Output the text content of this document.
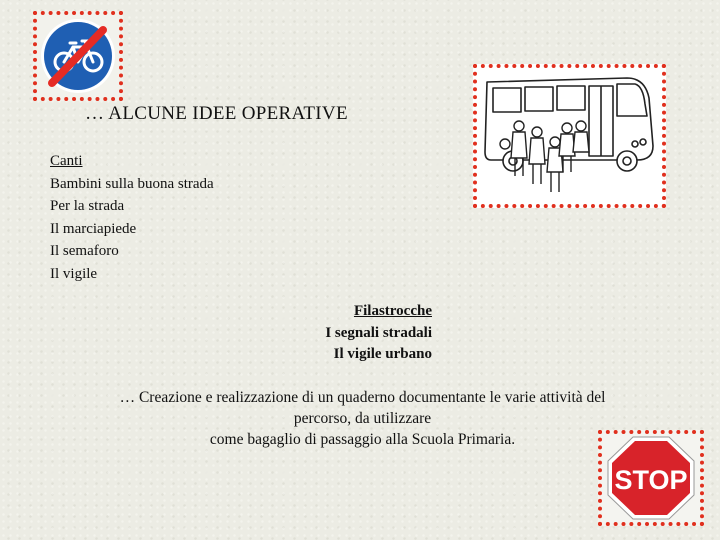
… ALCUNE IDEE OPERATIVE
Canti
Bambini sulla buona strada
Per la strada
Il marciapiede
Il semaforo
Il vigile
Filastrocche
I segnali stradali
Il vigile urbano
… Creazione e realizzazione di un quaderno documentante le varie attività del
percorso, da utilizzare
come bagaglio di passaggio alla Scuola Primaria.
STOP
